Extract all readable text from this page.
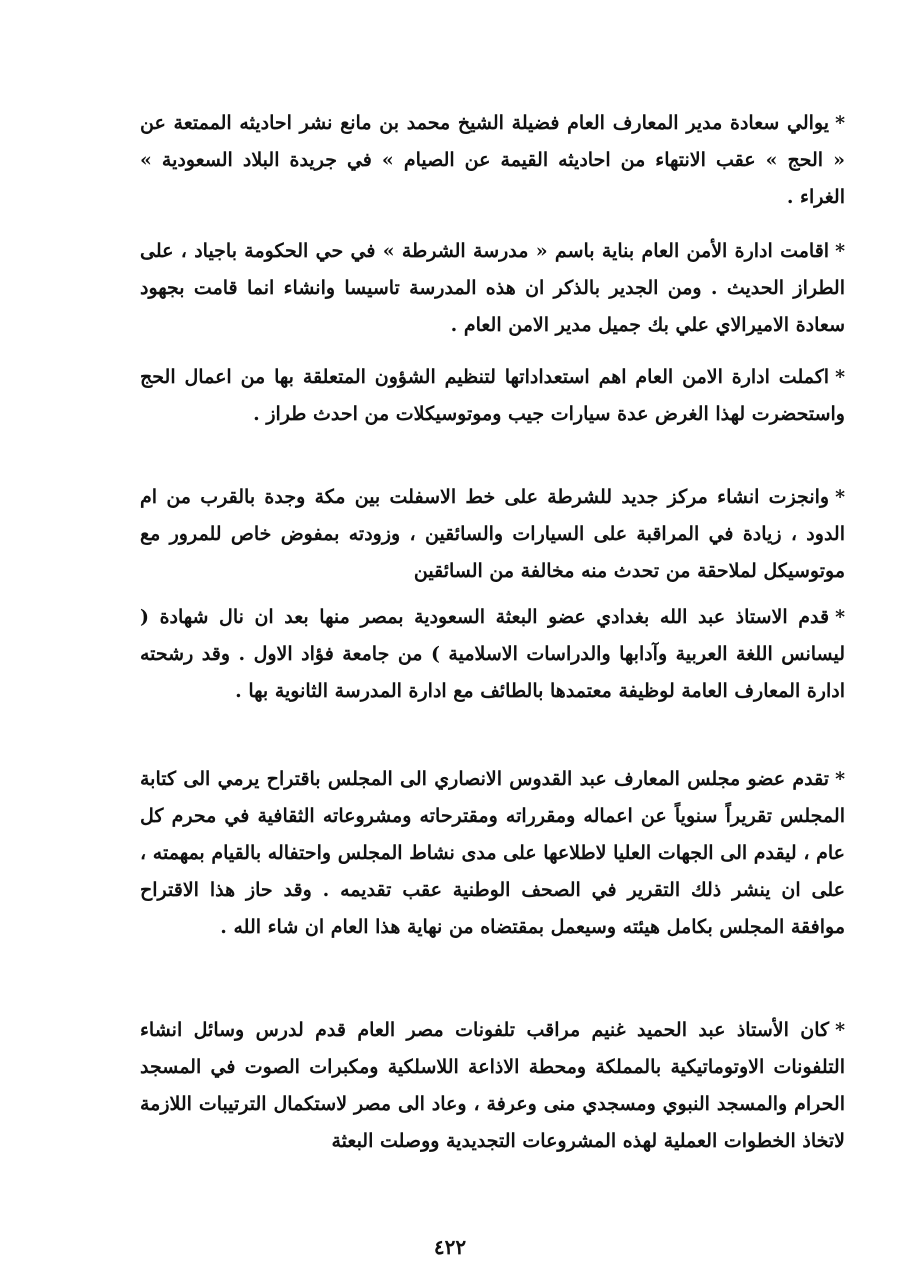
*يوالي سعادة مدير المعارف العام فضيلة الشيخ محمد بن مانع نشر احاديثه الممتعة عن « الحج » عقب الانتهاء من احاديثه القيمة عن الصيام » في جريدة البلاد السعودية » الغراء .

*اقامت ادارة الأمن العام بناية باسم « مدرسة الشرطة » في حي الحكومة باجياد ، على الطراز الحديث . ومن الجدير بالذكر ان هذه المدرسة تاسيسا وانشاء انما قامت بجهود سعادة الاميرالاي علي بك جميل مدير الامن العام .

*اكملت ادارة الامن العام اهم استعداداتها لتنظيم الشؤون المتعلقة بها من اعمال الحج واستحضرت لهذا الغرض عدة سيارات جيب وموتوسيكلات من احدث طراز .

*وانجزت انشاء مركز جديد للشرطة على خط الاسفلت بين مكة وجدة بالقرب من ام الدود ، زيادة في المراقبة على السيارات والسائقين ، وزودته بمفوض خاص للمرور مع موتوسيكل لملاحقة من تحدث منه مخالفة من السائقين

*قدم الاستاذ عبد الله بغدادي عضو البعثة السعودية بمصر منها بعد ان نال شهادة ( ليسانس اللغة العربية وآدابها والدراسات الاسلامية ) من جامعة فؤاد الاول . وقد رشحته ادارة المعارف العامة لوظيفة معتمدها بالطائف مع ادارة المدرسة الثانوية بها .

*تقدم عضو مجلس المعارف عبد القدوس الانصاري الى المجلس باقتراح يرمي الى كتابة المجلس تقريراً سنوياً عن اعماله ومقرراته ومقترحاته ومشروعاته الثقافية في محرم كل عام ، ليقدم الى الجهات العليا لاطلاعها على مدى نشاط المجلس واحتفاله بالقيام بمهمته ، على ان ينشر ذلك التقرير في الصحف الوطنية عقب تقديمه . وقد حاز هذا الاقتراح موافقة المجلس بكامل هيئته وسيعمل بمقتضاه من نهاية هذا العام ان شاء الله .

*كان الأستاذ عبد الحميد غنيم مراقب تلفونات مصر العام قدم لدرس وسائل انشاء التلفونات الاوتوماتيكية بالمملكة ومحطة الاذاعة اللاسلكية ومكبرات الصوت في المسجد الحرام والمسجد النبوي ومسجدي منى وعرفة ، وعاد الى مصر لاستكمال الترتيبات اللازمة لاتخاذ الخطوات العملية لهذه المشروعات التجديدية ووصلت البعثة

٤٢٢
